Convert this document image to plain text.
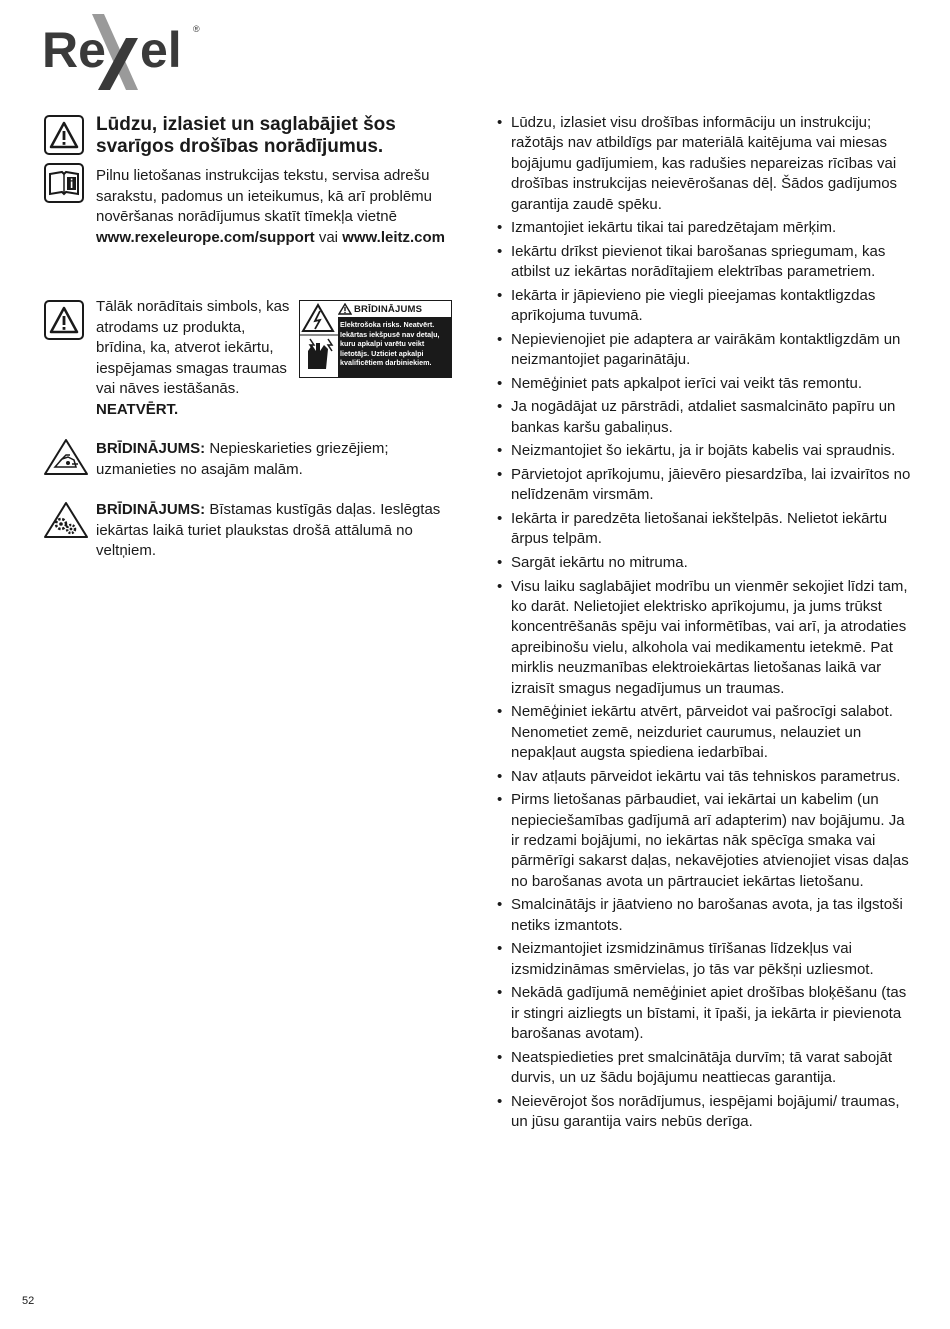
Re el ®
Lūdzu, izlasiet un saglabājiet šos svarīgos drošības norādījumus.
Pilnu lietošanas instrukcijas tekstu, servisa adrešu sarakstu, padomus un ieteikumus, kā arī problēmu novēršanas norādījumus skatīt tīmekļa vietnē www.rexeleurope.com/support vai www.leitz.com
Tālāk norādītais simbols, kas atrodams uz produkta, brīdina, ka, atverot iekārtu, iespējamas smagas traumas vai nāves iestāšanās. NEATVĒRT.
BRĪDINĀJUMS
Elektrošoka risks. Neatvērt. Iekārtas iekšpusē nav detaļu, kuru apkalpi varētu veikt lietotājs. Uzticiet apkalpi kvalificētiem darbiniekiem.
BRĪDINĀJUMS: Nepieskarieties griezējiem; uzmanieties no asajām malām.
BRĪDINĀJUMS: Bīstamas kustīgās daļas. Ieslēgtas iekārtas laikā turiet plaukstas drošā attālumā no veltņiem.
• Lūdzu, izlasiet visu drošības informāciju un instrukciju; ražotājs nav atbildīgs par materiālā kaitējuma vai miesas bojājumu gadījumiem, kas radušies nepareizas rīcības vai drošības instrukcijas neievērošanas dēļ. Šādos gadījumos garantija zaudē spēku.
• Izmantojiet iekārtu tikai tai paredzētajam mērķim.
• Iekārtu drīkst pievienot tikai barošanas spriegumam, kas atbilst uz iekārtas norādītajiem elektrības parametriem.
• Iekārta ir jāpievieno pie viegli pieejamas kontaktligzdas aprīkojuma tuvumā.
• Nepievienojiet pie adaptera ar vairākām kontaktligzdām un neizmantojiet pagarinātāju.
• Nemēģiniet pats apkalpot ierīci vai veikt tās remontu.
• Ja nogādājat uz pārstrādi, atdaliet sasmalcināto papīru un bankas karšu gabaliņus.
• Neizmantojiet šo iekārtu, ja ir bojāts kabelis vai spraudnis.
• Pārvietojot aprīkojumu, jāievēro piesardzība, lai izvairītos no nelīdzenām virsmām.
• Iekārta ir paredzēta lietošanai iekštelpās. Nelietot iekārtu ārpus telpām.
• Sargāt iekārtu no mitruma.
• Visu laiku saglabājiet modrību un vienmēr sekojiet līdzi tam, ko darāt. Nelietojiet elektrisko aprīkojumu, ja jums trūkst koncentrēšanās spēju vai informētības, vai arī, ja atrodaties apreibinošu vielu, alkohola vai medikamentu ietekmē. Pat mirklis neuzmanības elektroiekārtas lietošanas laikā var izraisīt smagus negadījumus un traumas.
• Nemēģiniet iekārtu atvērt, pārveidot vai pašrocīgi salabot. Nenometiet zemē, neizduriet caurumus, nelauziet un nepakļaut augsta spiediena iedarbībai.
• Nav atļauts pārveidot iekārtu vai tās tehniskos parametrus.
• Pirms lietošanas pārbaudiet, vai iekārtai un kabelim (un nepieciešamības gadījumā arī adapterim) nav bojājumu. Ja ir redzami bojājumi, no iekārtas nāk spēcīga smaka vai pārmērīgi sakarst daļas, nekavējoties atvienojiet visas daļas no barošanas avota un pārtrauciet iekārtas lietošanu.
• Smalcinātājs ir jāatvieno no barošanas avota, ja tas ilgstoši netiks izmantots.
• Neizmantojiet izsmidzināmus tīrīšanas līdzekļus vai izsmidzināmas smērvielas, jo tās var pēkšņi uzliesmot.
• Nekādā gadījumā nemēģiniet apiet drošības bloķēšanu (tas ir stingri aizliegts un bīstami, it īpaši, ja iekārta ir pievienota barošanas avotam).
• Neatspiedieties pret smalcinātāja durvīm; tā varat sabojāt durvis, un uz šādu bojājumu neattiecas garantija.
• Neievērojot šos norādījumus, iespējami bojājumi/ traumas, un jūsu garantija vairs nebūs derīga.
52
